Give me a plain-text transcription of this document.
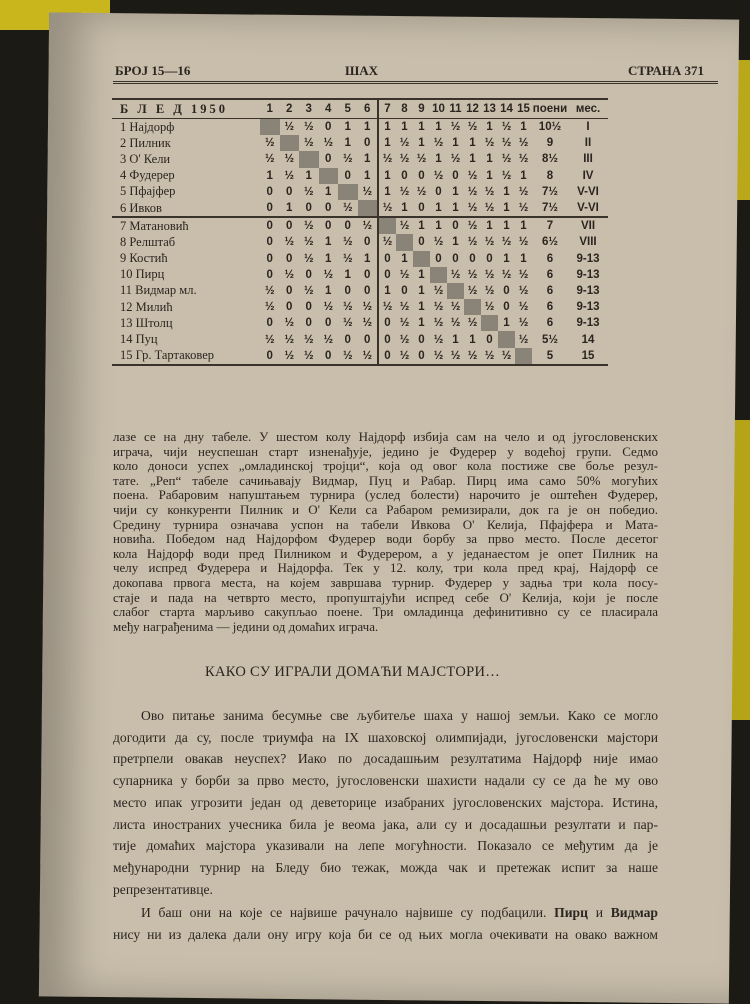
БРОЈ 15—16	ШАХ	СТРАНА 371
Б Л Е Д 1950	1	2	3	4	5	6	7	8	9	10	11	12	13	14	15	поени	мес.
1 Најдорф		½	½	0	1	1	1	1	1	1	½	½	1	½	1	10½	I
2 Пилник	½		½	½	1	0	1	½	1	½	1	1	½	½	½	9	II
3 О' Кели	½	½		0	½	1	½	½	½	1	½	1	1	½	½	8½	III
4 Фудерер	1	½	1		0	1	1	0	0	½	0	½	1	½	1	8	IV
5 Пфајфер	0	0	½	1		½	1	½	½	0	1	½	½	1	½	7½	V-VI
6 Ивков	0	1	0	0	½		½	1	0	1	1	½	½	1	½	7½	V-VI
7 Матановић	0	0	½	0	0	½		½	1	1	0	½	1	1	1	7	VII
8 Релштаб	0	½	½	1	½	0	½		0	½	1	½	½	½	½	6½	VIII
9 Костић	0	0	½	1	½	1	0	1		0	0	0	0	1	1	6	9-13
10 Пирц	0	½	0	½	1	0	0	½	1		½	½	½	½	½	6	9-13
11 Видмар мл.	½	0	½	1	0	0	1	0	1	½		½	½	0	½	6	9-13
12 Милић	½	0	0	½	½	½	½	½	1	½	½		½	0	½	6	9-13
13 Штолц	0	½	0	0	½	½	0	½	1	½	½	½		1	½	6	9-13
14 Пуц	½	½	½	½	0	0	0	½	0	½	1	1	0		½	5½	14
15 Гр. Тартаковер	0	½	½	0	½	½	0	½	0	½	½	½	½	½		5	15
лазе се на дну табеле. У шестом колу Најдорф избија сам на чело и од југословенских
играча, чији неуспешан старт изненађује, једино је Фудерер у водећој групи. Седмо
коло доноси успех „омладинској тројци“, која од овог кола постиже све боље резул-
тате. „Реп“ табеле сачињавају Видмар, Пуц и Рабар. Пирц има само 50% могућих
поена. Рабаровим напуштањем турнира (услед болести) нарочито је оштећен Фудерер,
чији су конкуренти Пилник и О' Кели са Рабаром ремизирали, док га је он победио.
Средину турнира означава успон на табели Ивкова О' Келија, Пфајфера и Мата-
новића. Победом над Најдорфом Фудерер води борбу за прво место. После десетог
кола Најдорф води пред Пилником и Фудерером, а у једанаестом је опет Пилник на
челу испред Фудерера и Најдорфа. Тек у 12. колу, три кола пред крај, Најдорф се
докопава првога места, на којем завршава турнир. Фудерер у задња три кола посу-
стаје и пада на четврто место, пропуштајући испред себе О' Келија, који је после
слабог старта марљиво сакупљао поене. Три омладинца дефинитивно су се пласирала
међу награђенима — једини од домаћих играча.
КАКО СУ ИГРАЛИ ДОМАЋИ МАЈСТОРИ…
Ово питање занима бесумње све љубитеље шаха у нашој земљи. Како се могло
догодити да су, после триумфа на IX шаховској олимпијади, југословенски мајстори
претрпели овакав неуспех? Иако по досадашњим резултатима Најдорф није имао
супарника у борби за прво место, југословенски шахисти надали су се да ће му ово
место ипак угрозити један од деветорице изабраних југословенских мајстора. Истина,
листа иностраних учесника била је веома јака, али су и досадашњи резултати и пар-
тије домаћих мајстора указивали на лепе могућности. Показало се међутим да је
међународни турнир на Бледу био тежак, можда чак и претежак испит за наше
репрезентативце.
И баш они на које се највише рачунало највише су подбацили. Пирц и Видмар
нису ни из далека дали ону игру која би се од њих могла очекивати на овако важном
